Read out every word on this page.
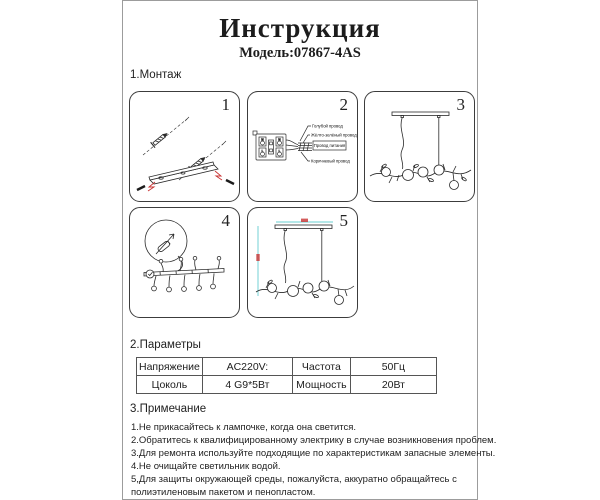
Инструкция
Модель:07867-4AS
1.Монтаж
1
N
L
N
L
Голубой провод
Жёлто-зелёный провод
Провод питания
Коричневый провод
2	3
4	5
2.Параметры
Напряжение	AC220V:	Частота	50Гц
Цоколь	4 G9*5Вт	Мощность	20Вт
3.Примечание
1.Не прикасайтесь к лампочке, когда она светится.
2.Обратитесь к квалифицированному электрику в случае возникновения проблем.
3.Для ремонта используйте подходящие по характеристикам запасные элементы.
4.Не очищайте светильник водой.
5,Для защиты окружающей среды, пожалуйста, аккуратно обращайтесь с полиэтиленовым пакетом и пенопластом.
